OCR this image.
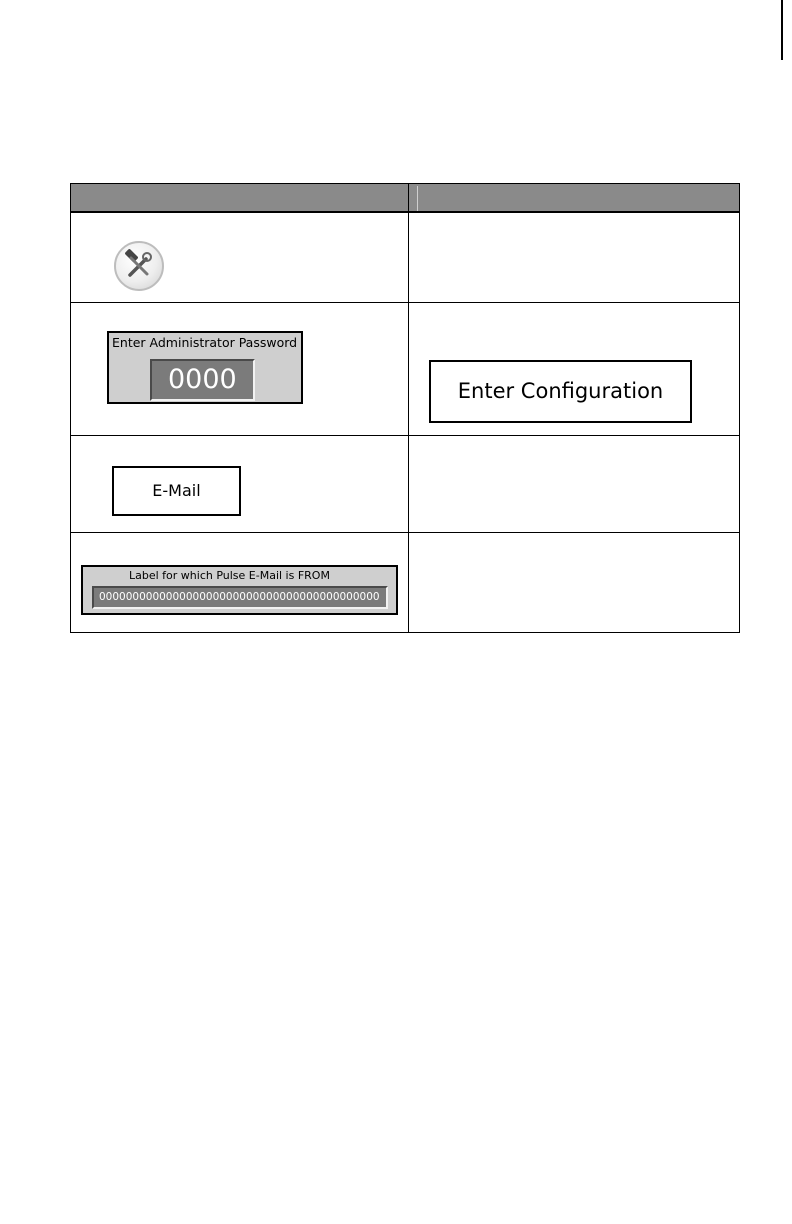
Enter Administrator Password
0000	Enter Configuration

E-Mail	

Label for which Pulse E-Mail is FROM
000000000000000000000000000000000000000000	
